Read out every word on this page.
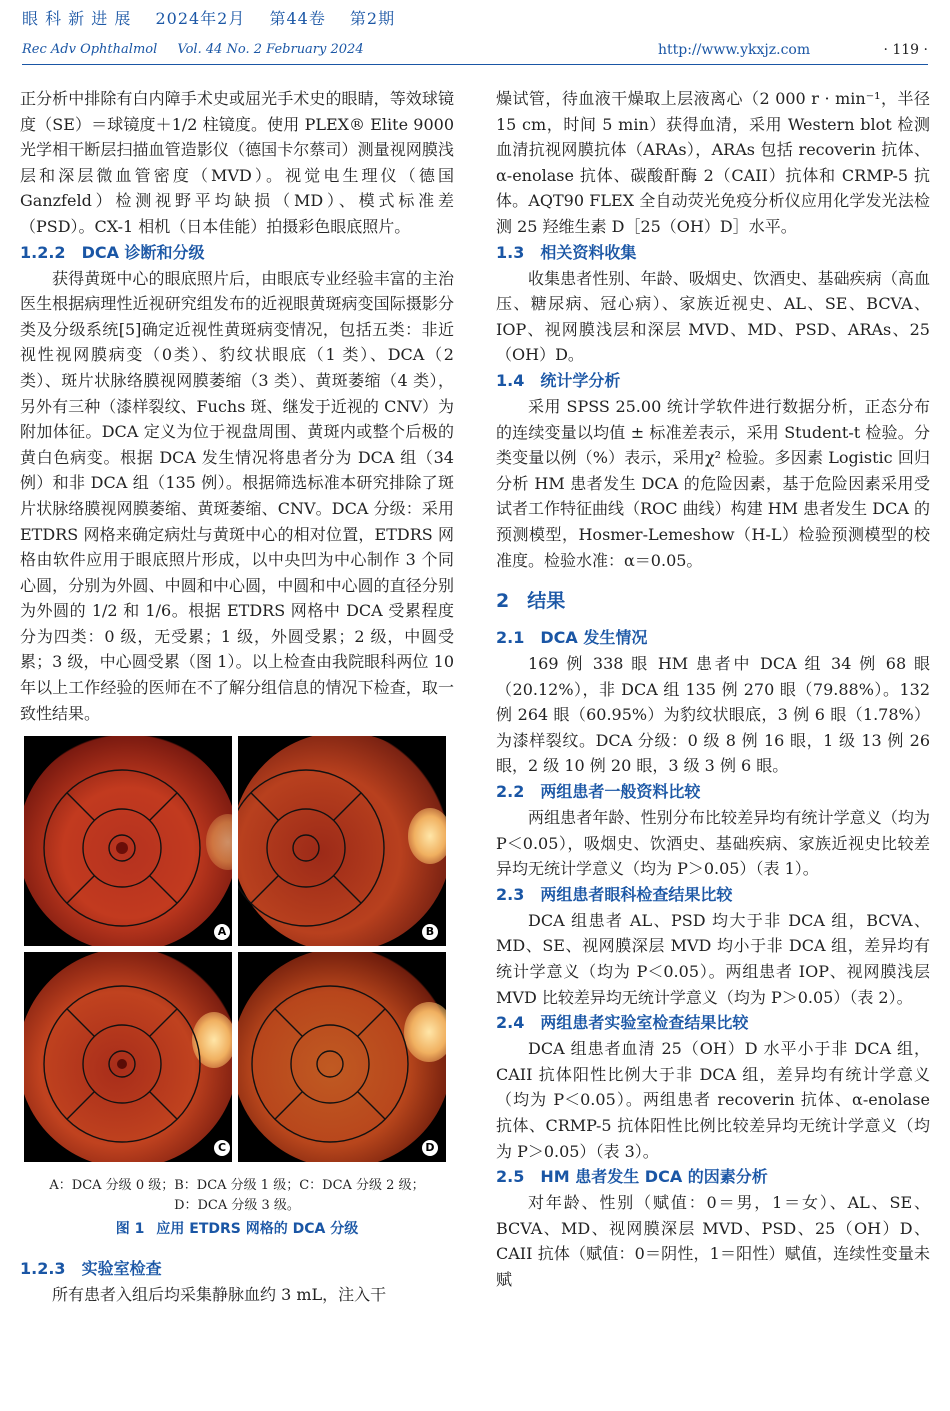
眼 科 新 进 展 2024年2月 第44卷 第2期
Rec Adv Ophthalmol Vol. 44 No. 2 February 2024	http://www.ykxjz.com	· 119 ·

正分析中排除有白内障手术史或屈光手术史的眼睛，等效球镜度（SE）＝球镜度＋1/2 柱镜度。使用 PLEX® Elite 9000 光学相干断层扫描血管造影仪（德国卡尔蔡司）测量视网膜浅层和深层微血管密度（MVD）。视觉电生理仪（德国 Ganzfeld）检测视野平均缺损（MD）、模式标准差（PSD）。CX-1 相机（日本佳能）拍摄彩色眼底照片。

1.2.2 DCA 诊断和分级

获得黄斑中心的眼底照片后，由眼底专业经验丰富的主治医生根据病理性近视研究组发布的近视眼黄斑病变国际摄影分类及分级系统[5]确定近视性黄斑病变情况，包括五类：非近视性视网膜病变（0类）、豹纹状眼底（1 类）、DCA（2 类）、斑片状脉络膜视网膜萎缩（3 类）、黄斑萎缩（4 类），另外有三种（漆样裂纹、Fuchs 斑、继发于近视的 CNV）为附加体征。DCA 定义为位于视盘周围、黄斑内或整个后极的黄白色病变。根据 DCA 发生情况将患者分为 DCA 组（34 例）和非 DCA 组（135 例）。根据筛选标准本研究排除了斑片状脉络膜视网膜萎缩、黄斑萎缩、CNV。DCA 分级：采用 ETDRS 网格来确定病灶与黄斑中心的相对位置，ETDRS 网格由软件应用于眼底照片形成，以中央凹为中心制作 3 个同心圆，分别为外圆、中圆和中心圆，中圆和中心圆的直径分别为外圆的 1/2 和 1/6。根据 ETDRS 网格中 DCA 受累程度分为四类：0 级，无受累；1 级，外圆受累；2 级，中圆受累；3 级，中心圆受累（图 1）。以上检查由我院眼科两位 10 年以上工作经验的医师在不了解分组信息的情况下检查，取一致性结果。

A	B
C	D
A：DCA 分级 0 级；B：DCA 分级 1 级；C：DCA 分级 2 级；
D：DCA 分级 3 级。
图 1 应用 ETDRS 网格的 DCA 分级
1.2.3 实验室检查

所有患者入组后均采集静脉血约 3 mL，注入干

燥试管，待血液干燥取上层液离心（2 000 r · min⁻¹，半径 15 cm，时间 5 min）获得血清，采用 Western blot 检测血清抗视网膜抗体（ARAs），ARAs 包括 recoverin 抗体、α-enolase 抗体、碳酸酐酶 2（CAII）抗体和 CRMP-5 抗体。AQT90 FLEX 全自动荧光免疫分析仪应用化学发光法检测 25 羟维生素 D［25（OH）D］水平。

1.3 相关资料收集

收集患者性别、年龄、吸烟史、饮酒史、基础疾病（高血压、糖尿病、冠心病）、家族近视史、AL、SE、BCVA、IOP、视网膜浅层和深层 MVD、MD、PSD、ARAs、25（OH）D。

1.4 统计学分析

采用 SPSS 25.00 统计学软件进行数据分析，正态分布的连续变量以均值 ± 标准差表示，采用 Student-t 检验。分类变量以例（%）表示，采用χ² 检验。多因素 Logistic 回归分析 HM 患者发生 DCA 的危险因素，基于危险因素采用受试者工作特征曲线（ROC 曲线）构建 HM 患者发生 DCA 的预测模型，Hosmer-Lemeshow（H-L）检验预测模型的校准度。检验水准：α＝0.05。

2 结果
2.1 DCA 发生情况

169 例 338 眼 HM 患者中 DCA 组 34 例 68 眼（20.12%），非 DCA 组 135 例 270 眼（79.88%）。132 例 264 眼（60.95%）为豹纹状眼底，3 例 6 眼（1.78%）为漆样裂纹。DCA 分级：0 级 8 例 16 眼，1 级 13 例 26 眼，2 级 10 例 20 眼，3 级 3 例 6 眼。

2.2 两组患者一般资料比较

两组患者年龄、性别分布比较差异均有统计学意义（均为 P＜0.05），吸烟史、饮酒史、基础疾病、家族近视史比较差异均无统计学意义（均为 P＞0.05）（表 1）。

2.3 两组患者眼科检查结果比较

DCA 组患者 AL、PSD 均大于非 DCA 组，BCVA、MD、SE、视网膜深层 MVD 均小于非 DCA 组，差异均有统计学意义（均为 P＜0.05）。两组患者 IOP、视网膜浅层 MVD 比较差异均无统计学意义（均为 P＞0.05）（表 2）。

2.4 两组患者实验室检查结果比较

DCA 组患者血清 25（OH）D 水平小于非 DCA 组，CAII 抗体阳性比例大于非 DCA 组，差异均有统计学意义（均为 P＜0.05）。两组患者 recoverin 抗体、α-enolase 抗体、CRMP-5 抗体阳性比例比较差异均无统计学意义（均为 P＞0.05）（表 3）。

2.5 HM 患者发生 DCA 的因素分析

对年龄、性别（赋值：0＝男，1＝女）、AL、SE、BCVA、MD、视网膜深层 MVD、PSD、25（OH）D、CAII 抗体（赋值：0＝阴性，1＝阳性）赋值，连续性变量未赋
